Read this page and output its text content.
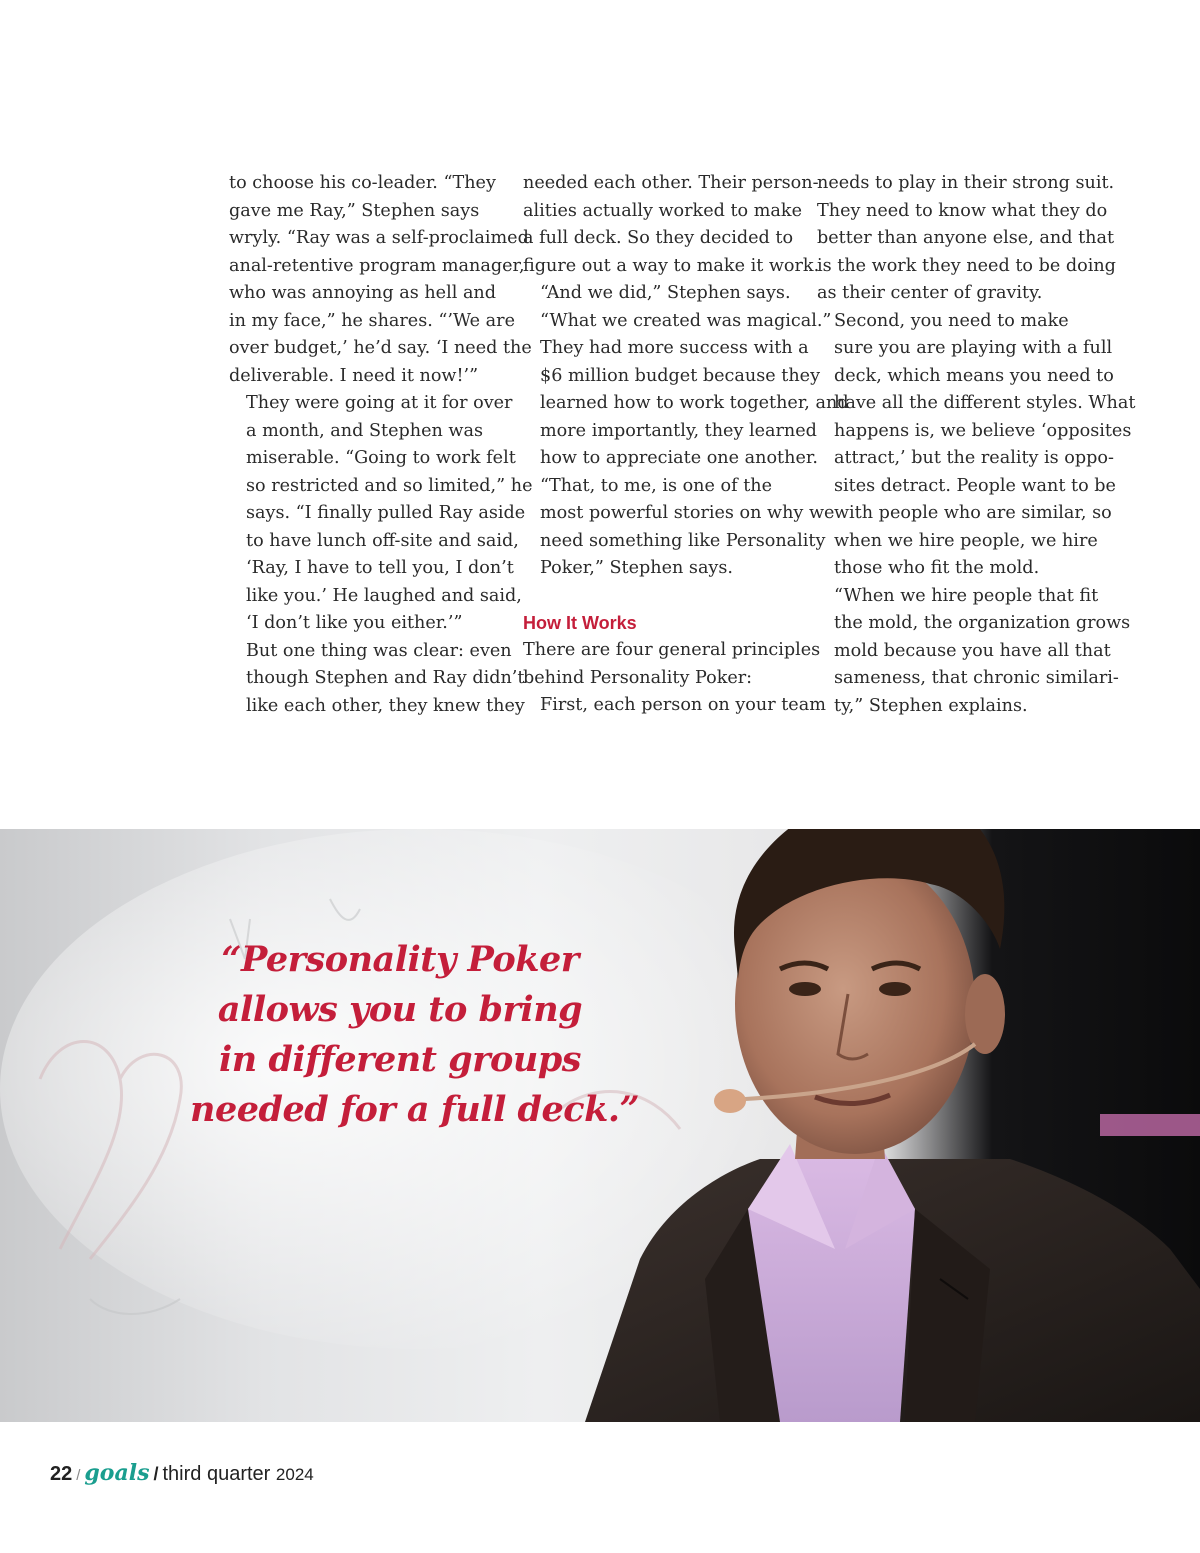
to choose his co-leader. “They
gave me Ray,” Stephen says
wryly. “Ray was a self-proclaimed
anal-retentive program manager,
who was annoying as hell and
in my face,” he shares. “’We are
over budget,’ he’d say. ‘I need the
deliverable. I need it now!’”

They were going at it for over
a month, and Stephen was
miserable. “Going to work felt
so restricted and so limited,” he
says. “I finally pulled Ray aside
to have lunch off-site and said,
‘Ray, I have to tell you, I don’t
like you.’ He laughed and said,
‘I don’t like you either.’”

But one thing was clear: even
though Stephen and Ray didn’t
like each other, they knew they

needed each other. Their person-
alities actually worked to make
a full deck. So they decided to
figure out a way to make it work.

“And we did,” Stephen says.
“What we created was magical.”

They had more success with a
$6 million budget because they
learned how to work together, and
more importantly, they learned
how to appreciate one another.

“That, to me, is one of the
most powerful stories on why we
need something like Personality
Poker,” Stephen says.

How It Works

There are four general principles
behind Personality Poker:

First, each person on your team

needs to play in their strong suit.
They need to know what they do
better than anyone else, and that
is the work they need to be doing
as their center of gravity.

Second, you need to make
sure you are playing with a full
deck, which means you need to
have all the different styles. What
happens is, we believe ‘opposites
attract,’ but the reality is oppo-
sites detract. People want to be
with people who are similar, so
when we hire people, we hire
those who fit the mold.

“When we hire people that fit
the mold, the organization grows
mold because you have all that
sameness, that chronic similari-
ty,” Stephen explains.

“Personality Poker
allows you to bring
in different groups
needed for a full deck.”
22 / goals / third quarter 2024
